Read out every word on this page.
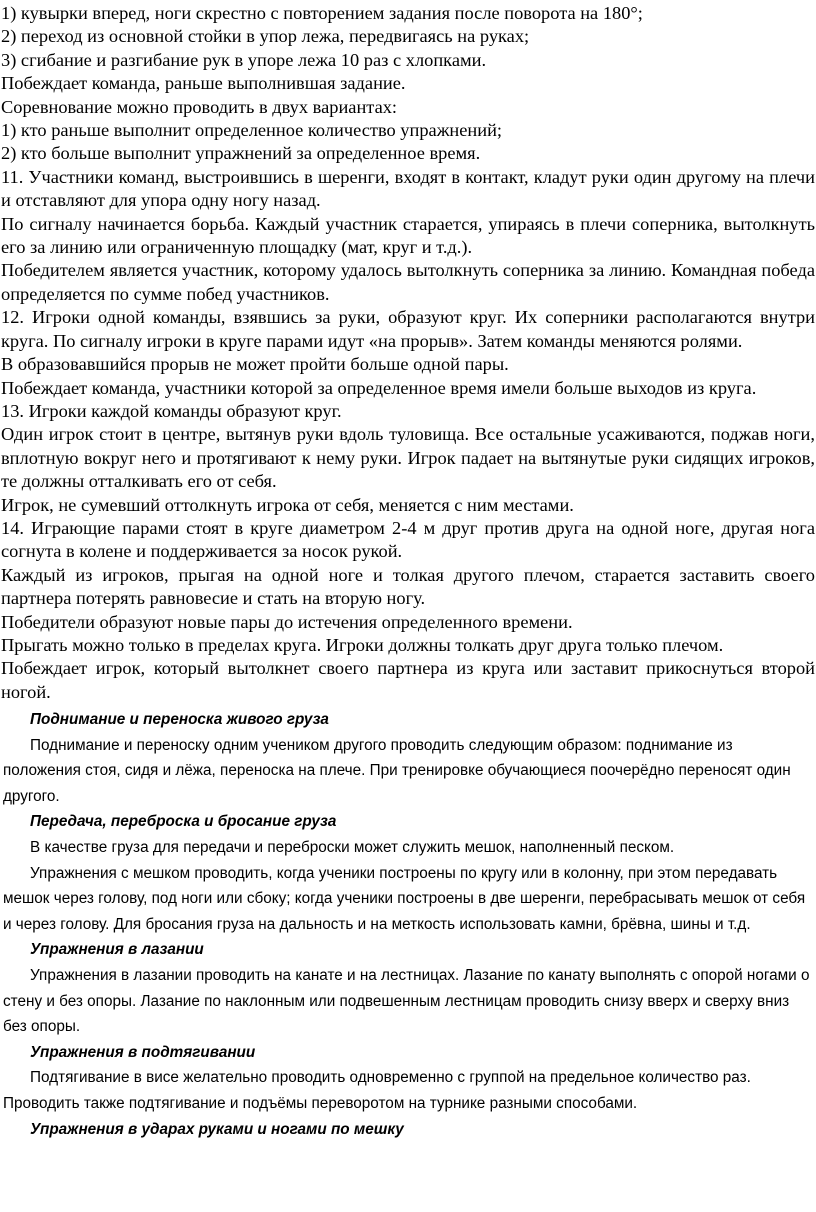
1) кувырки вперед, ноги скрестно с повторением задания после поворота на 180°;

2) переход из основной стойки в упор лежа, передвигаясь на руках;

3) сгибание и разгибание рук в упоре лежа 10 раз с хлопками.

Побеждает команда, раньше выполнившая задание.

Соревнование можно проводить в двух вариантах:

1) кто раньше выполнит определенное количество упражнений;

2) кто больше выполнит упражнений за определенное время.

11. Участники команд, выстроившись в шеренги, входят в контакт, кладут руки один другому на плечи и отставляют для упора одну ногу назад.

По сигналу начинается борьба. Каждый участник старается, упираясь в плечи соперника, вытолкнуть его за линию или ограниченную площадку (мат, круг и т.д.).

Победителем является участник, которому удалось вытолкнуть соперника за линию. Командная победа определяется по сумме побед участников.

12. Игроки одной команды, взявшись за руки, образуют круг. Их соперники располагаются внутри круга. По сигналу игроки в круге парами идут «на прорыв». Затем команды меняются ролями.

В образовавшийся прорыв не может пройти больше одной пары.

Побеждает команда, участники которой за определенное время имели больше выходов из круга.

13. Игроки каждой команды образуют круг.

Один игрок стоит в центре, вытянув руки вдоль туловища. Все остальные усаживаются, поджав ноги, вплотную вокруг него и протягивают к нему руки. Игрок падает на вытянутые руки сидящих игроков, те должны отталкивать его от себя.

Игрок, не сумевший оттолкнуть игрока от себя, меняется с ним местами.

14. Играющие парами стоят в круге диаметром 2-4 м друг против друга на одной ноге, другая нога согнута в колене и поддерживается за носок рукой.

Каждый из игроков, прыгая на одной ноге и толкая другого плечом, старается заставить своего партнера потерять равновесие и стать на вторую ногу.

Победители образуют новые пары до истечения определенного времени.

Прыгать можно только в пределах круга. Игроки должны толкать друг друга только плечом.

Побеждает игрок, который вытолкнет своего партнера из круга или заставит прикоснуться второй ногой.

Поднимание и переноска живого груза

Поднимание и переноску одним учеником другого проводить следующим образом: поднимание из положения стоя, сидя и лёжа, переноска на плече. При тренировке обучающиеся поочерёдно переносят один другого.

Передача, переброска и бросание груза

В качестве груза для передачи и переброски может служить мешок, наполненный песком.

Упражнения с мешком проводить, когда ученики построены по кругу или в колонну, при этом передавать мешок через голову, под ноги или сбоку; когда ученики построены в две шеренги, перебрасывать мешок от себя и через голову. Для бросания груза на дальность и на меткость использовать камни, брёвна, шины и т.д.

Упражнения в лазании

Упражнения в лазании проводить на канате и на лестницах. Лазание по канату выполнять с опорой ногами о стену и без опоры. Лазание по наклонным или подвешенным лестницам проводить снизу вверх и сверху вниз без опоры.

Упражнения в подтягивании

Подтягивание в висе желательно проводить одновременно с группой на предельное количество раз. Проводить также подтягивание и подъёмы переворотом на турнике разными способами.

Упражнения в ударах руками и ногами по мешку
